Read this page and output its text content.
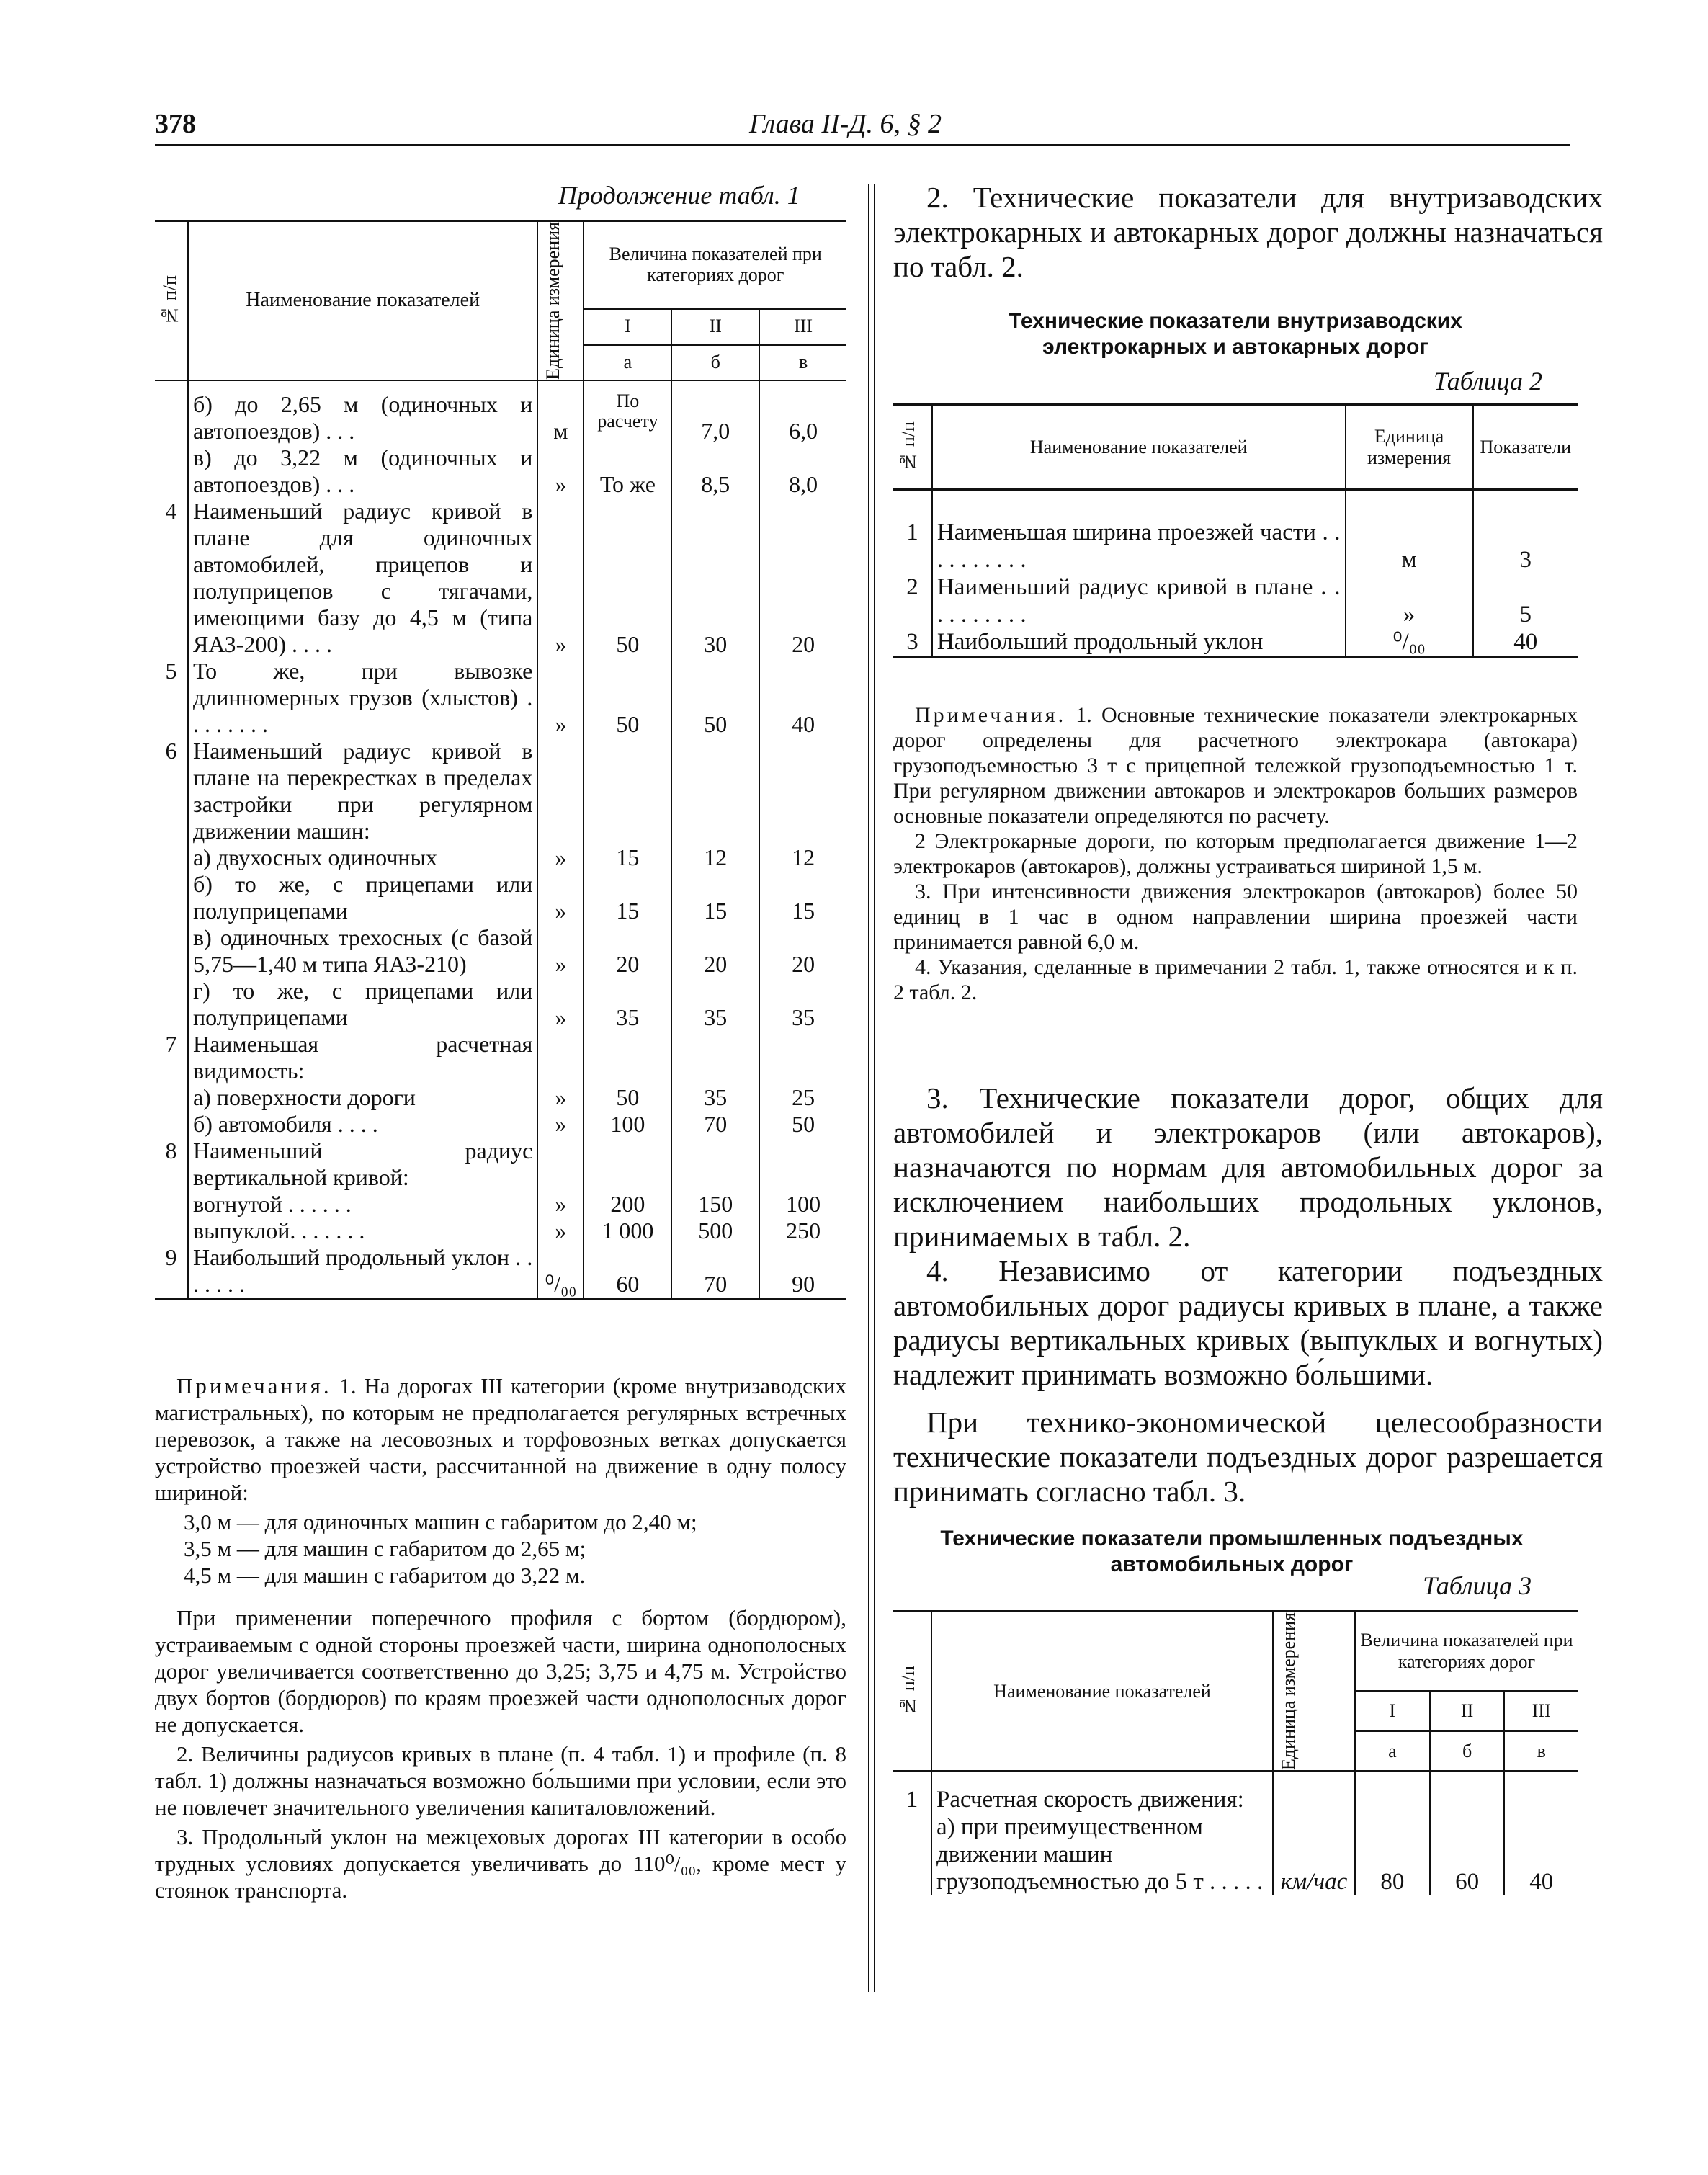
378	Глава II-Д. 6, § 2
Продолжение табл. 1
№ п/п	Наименование показателей	Единица измерения	Величина показателей при категориях дорог		
			I	II	III
			а	б	в
	б) до 2,65 м (одиночных и автопоездов) . . .	м	По расчету	7,0	6,0
	в) до 3,22 м (одиночных и автопоездов) . . .	»	То же	8,5	8,0
4	Наименьший радиус кривой в плане для одиночных автомобилей, прицепов и полуприцепов с тягачами, имеющими базу до 4,5 м (типа ЯАЗ-200) . . . .	»	50	30	20
5	То же, при вывозке длинномерных грузов (хлыстов) . . . . . . . .	»	50	50	40
6	Наименьший радиус кривой в плане на перекрестках в пределах застройки при регулярном движении машин:				
	а) двухосных одиночных	»	15	12	12
	б) то же, с прицепами или полуприцепами	»	15	15	15
	в) одиночных трехосных (с базой 5,75—1,40 м типа ЯАЗ-210)	»	20	20	20
	г) то же, с прицепами или полуприцепами	»	35	35	35
7	Наименьшая расчетная видимость:				
	а) поверхности дороги	»	50	35	25
	б) автомобиля . . . .	»	100	70	50
8	Наименьший радиус вертикальной кривой:				
	вогнутой . . . . . .	»	200	150	100
	выпуклой. . . . . . .	»	1 000	500	250
9	Наибольший продольный уклон . . . . . . .	⁰/₀₀	60	70	90

Примечания. 1. На дорогах III категории (кроме внутризаводских магистральных), по которым не предполагается регулярных встречных перевозок, а также на лесовозных и торфовозных ветках допускается устройство проезжей части, рассчитанной на движение в одну полосу шириной:

3,0 м — для одиночных машин с габаритом до 2,40 м;

3,5 м — для машин с габаритом до 2,65 м;

4,5 м — для машин с габаритом до 3,22 м.

При применении поперечного профиля с бортом (бордюром), устраиваемым с одной стороны проезжей части, ширина однополосных дорог увеличивается соответственно до 3,25; 3,75 и 4,75 м. Устройство двух бортов (бордюров) по краям проезжей части однополосных дорог не допускается.

2. Величины радиусов кривых в плане (п. 4 табл. 1) и профиле (п. 8 табл. 1) должны назначаться возможно бо́льшими при условии, если это не повлечет значительного увеличения капиталовложений.

3. Продольный уклон на межцеховых дорогах III категории в особо трудных условиях допускается увеличивать до 110⁰/₀₀, кроме мест у стоянок транспорта.

2. Технические показатели для внутризаводских электрокарных и автокарных дорог должны назначаться по табл. 2.

Технические показатели внутризаводских электрокарных и автокарных дорог
Таблица 2
№ п/п	Наименование показателей	Единица измерения	Показатели

1	Наименьшая ширина проезжей части . . . . . . . . . .	м	3
2	Наименьший радиус кривой в плане . . . . . . . . . .	»	5
3	Наибольший продольный уклон	⁰/₀₀	40

Примечания. 1. Основные технические показатели электрокарных дорог определены для расчетного электрокара (автокара) грузоподъемностью 3 т с прицепной тележкой грузоподъемностью 1 т. При регулярном движении автокаров и электрокаров больших размеров основные показатели определяются по расчету.

2 Электрокарные дороги, по которым предполагается движение 1—2 электрокаров (автокаров), должны устраиваться шириной 1,5 м.

3. При интенсивности движения электрокаров (автокаров) более 50 единиц в 1 час в одном направлении ширина проезжей части принимается равной 6,0 м.

4. Указания, сделанные в примечании 2 табл. 1, также относятся и к п. 2 табл. 2.

3. Технические показатели дорог, общих для автомобилей и электрокаров (или автокаров), назначаются по нормам для автомобильных дорог за исключением наибольших продольных уклонов, принимаемых в табл. 2.

4. Независимо от категории подъездных автомобильных дорог радиусы кривых в плане, а также радиусы вертикальных кривых (выпуклых и вогнутых) надлежит принимать возможно бо́льшими.

При технико-экономической целесообразности технические показатели подъездных дорог разрешается принимать согласно табл. 3.

Технические показатели промышленных подъездных автомобильных дорог
Таблица 3
№ п/п	Наименование показателей	Единица измерения	Величина показателей при категориях дорог		
			I	II	III
			а	б	в
1	Расчетная скорость движения:				
	а) при преимущественном движении машин грузоподъемностью до 5 т . . . . .	км/час	80	60	40
